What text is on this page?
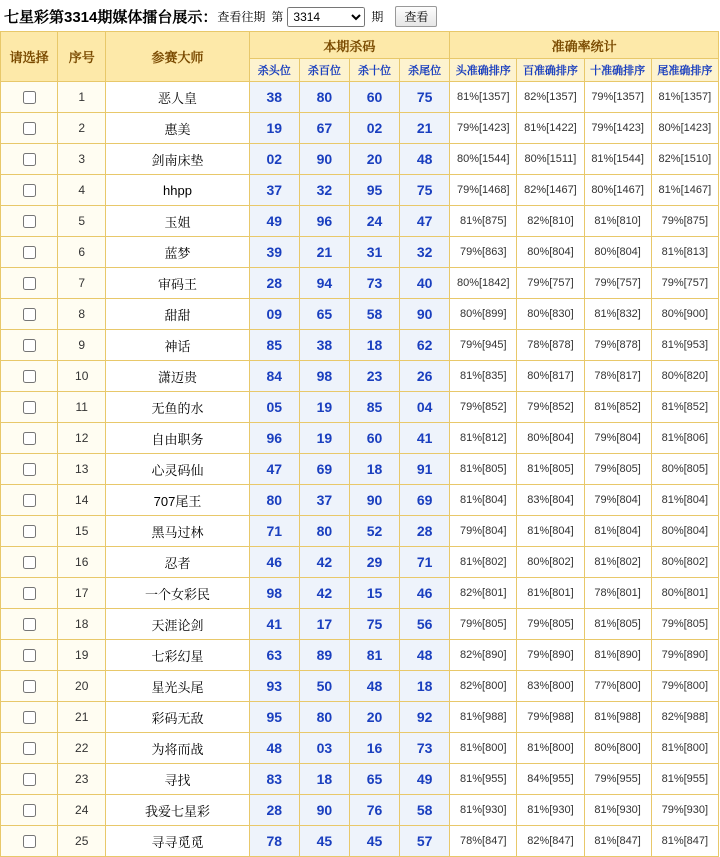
七星彩第3314期媒体擂台展示： 查看往期 第
3314	期	查看
请选择	序号	参赛大师	本期杀码				准确率统计			
			杀头位	杀百位	杀十位	杀尾位	头准确排序	百准确排序	十准确排序	尾准确排序
	1	恶人皇	38	80	60	75	81%[1357]	82%[1357]	79%[1357]	81%[1357]
	2	惠美	19	67	02	21	79%[1423]	81%[1422]	79%[1423]	80%[1423]
	3	剑南床垫	02	90	20	48	80%[1544]	80%[1511]	81%[1544]	82%[1510]
	4	hhpp	37	32	95	75	79%[1468]	82%[1467]	80%[1467]	81%[1467]
	5	玉姐	49	96	24	47	81%[875]	82%[810]	81%[810]	79%[875]
	6	蓝梦	39	21	31	32	79%[863]	80%[804]	80%[804]	81%[813]
	7	审码王	28	94	73	40	80%[1842]	79%[757]	79%[757]	79%[757]
	8	甜甜	09	65	58	90	80%[899]	80%[830]	81%[832]	80%[900]
	9	神话	85	38	18	62	79%[945]	78%[878]	79%[878]	81%[953]
	10	潇迈贵	84	98	23	26	81%[835]	80%[817]	78%[817]	80%[820]
	11	无鱼的水	05	19	85	04	79%[852]	79%[852]	81%[852]	81%[852]
	12	自由职务	96	19	60	41	81%[812]	80%[804]	79%[804]	81%[806]
	13	心灵码仙	47	69	18	91	81%[805]	81%[805]	79%[805]	80%[805]
	14	707尾王	80	37	90	69	81%[804]	83%[804]	79%[804]	81%[804]
	15	黑马过林	71	80	52	28	79%[804]	81%[804]	81%[804]	80%[804]
	16	忍者	46	42	29	71	81%[802]	80%[802]	81%[802]	80%[802]
	17	一个女彩民	98	42	15	46	82%[801]	81%[801]	78%[801]	80%[801]
	18	天涯论剑	41	17	75	56	79%[805]	79%[805]	81%[805]	79%[805]
	19	七彩幻星	63	89	81	48	82%[890]	79%[890]	81%[890]	79%[890]
	20	星光头尾	93	50	48	18	82%[800]	83%[800]	77%[800]	79%[800]
	21	彩码无敌	95	80	20	92	81%[988]	79%[988]	81%[988]	82%[988]
	22	为将而战	48	03	16	73	81%[800]	81%[800]	80%[800]	81%[800]
	23	寻找	83	18	65	49	81%[955]	84%[955]	79%[955]	81%[955]
	24	我爱七星彩	28	90	76	58	81%[930]	81%[930]	81%[930]	79%[930]
	25	寻寻觅觅	78	45	45	57	78%[847]	82%[847]	81%[847]	81%[847]
